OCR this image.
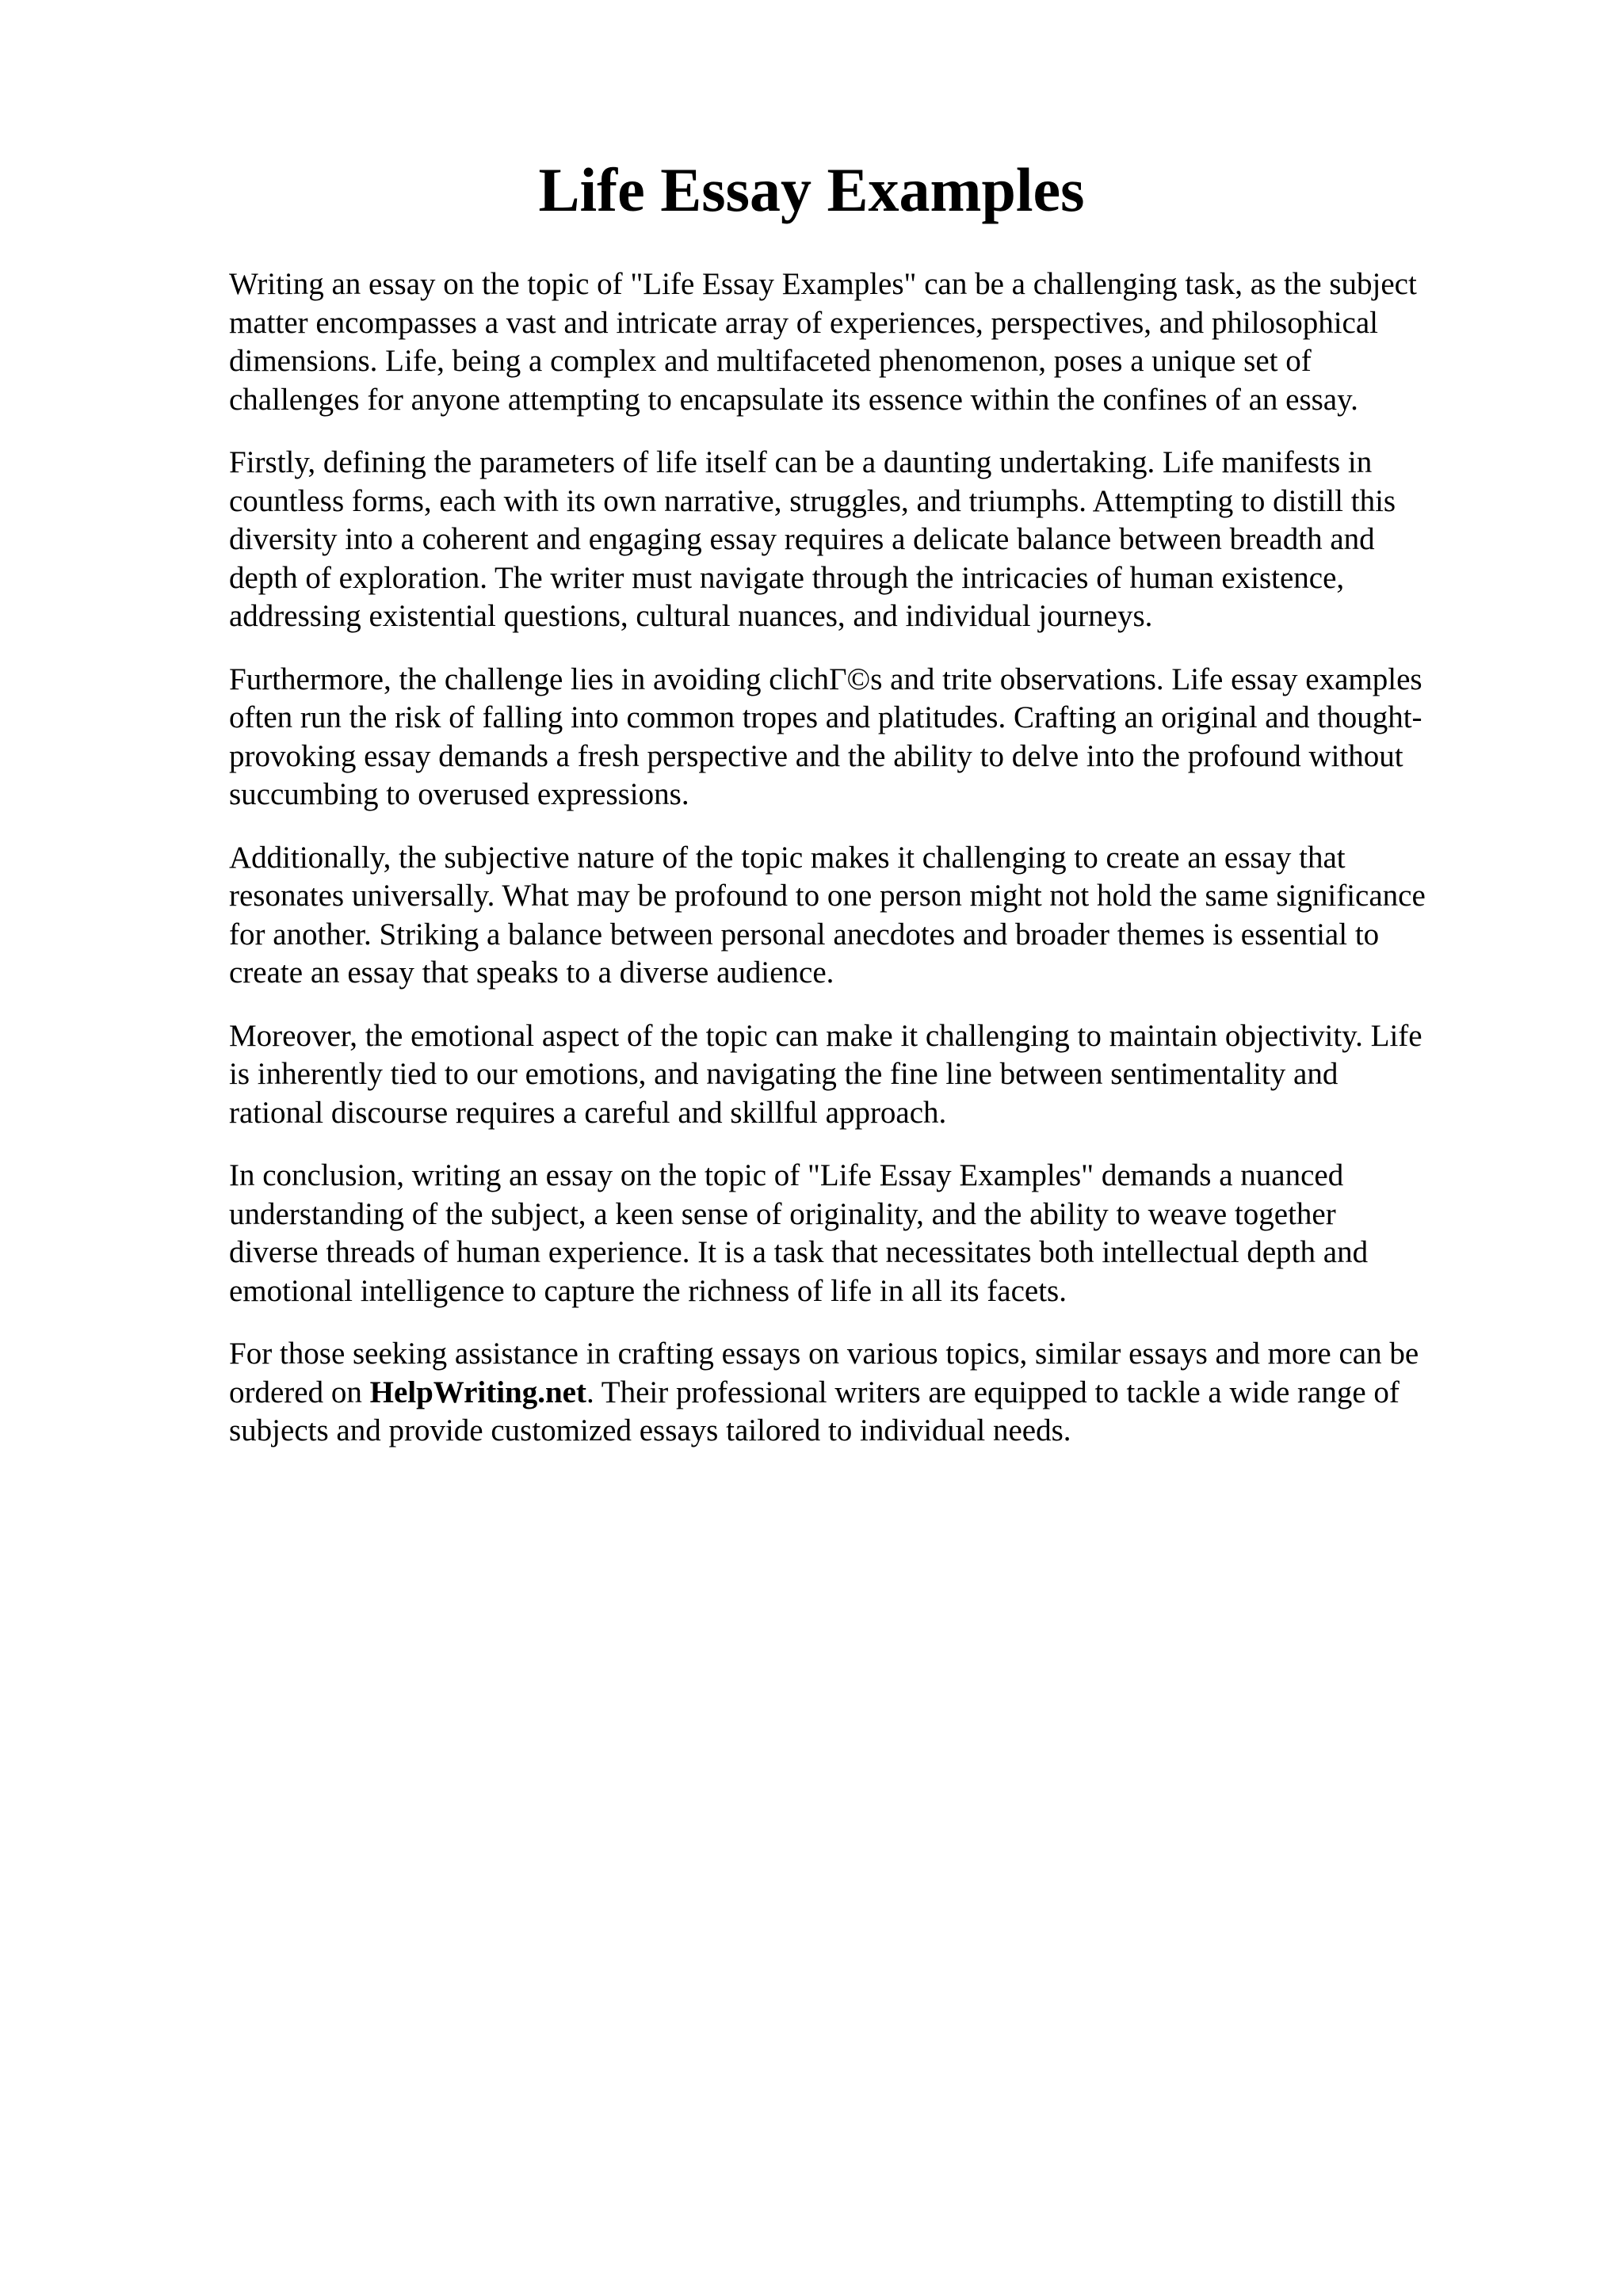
Life Essay Examples

Writing an essay on the topic of "Life Essay Examples" can be a challenging task, as the subject
matter encompasses a vast and intricate array of experiences, perspectives, and philosophical
dimensions. Life, being a complex and multifaceted phenomenon, poses a unique set of
challenges for anyone attempting to encapsulate its essence within the confines of an essay.

Firstly, defining the parameters of life itself can be a daunting undertaking. Life manifests in
countless forms, each with its own narrative, struggles, and triumphs. Attempting to distill this
diversity into a coherent and engaging essay requires a delicate balance between breadth and
depth of exploration. The writer must navigate through the intricacies of human existence,
addressing existential questions, cultural nuances, and individual journeys.

Furthermore, the challenge lies in avoiding clichΓ©s and trite observations. Life essay examples
often run the risk of falling into common tropes and platitudes. Crafting an original and thought-
provoking essay demands a fresh perspective and the ability to delve into the profound without
succumbing to overused expressions.

Additionally, the subjective nature of the topic makes it challenging to create an essay that
resonates universally. What may be profound to one person might not hold the same significance
for another. Striking a balance between personal anecdotes and broader themes is essential to
create an essay that speaks to a diverse audience.

Moreover, the emotional aspect of the topic can make it challenging to maintain objectivity. Life
is inherently tied to our emotions, and navigating the fine line between sentimentality and
rational discourse requires a careful and skillful approach.

In conclusion, writing an essay on the topic of "Life Essay Examples" demands a nuanced
understanding of the subject, a keen sense of originality, and the ability to weave together
diverse threads of human experience. It is a task that necessitates both intellectual depth and
emotional intelligence to capture the richness of life in all its facets.

For those seeking assistance in crafting essays on various topics, similar essays and more can be
ordered on HelpWriting.net. Their professional writers are equipped to tackle a wide range of
subjects and provide customized essays tailored to individual needs.
